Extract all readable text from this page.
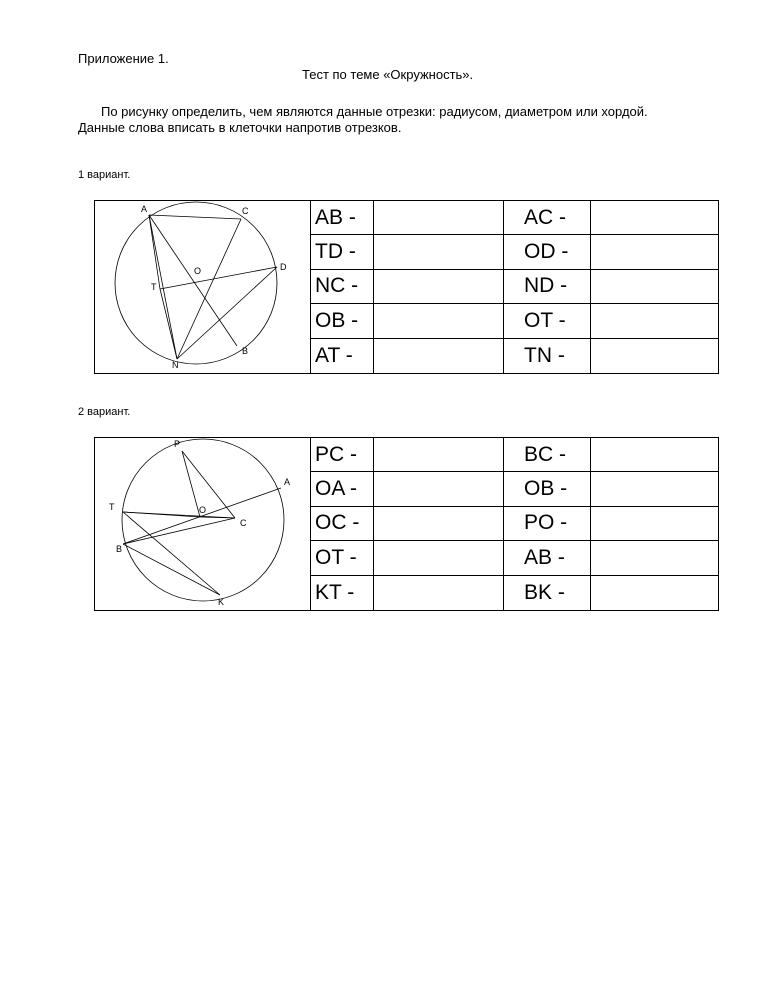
Приложение 1.
Тест по теме «Окружность».
По рисунку определить, чем являются данные отрезки: радиусом, диаметром или хордой.
Данные слова вписать в клеточки напротив отрезков.
1 вариант.
A	C
O	D
T
N
B
AB -	AC -
TD -	OD -
NC -	ND -
OB -	OT -
AT -	TN -
2 вариант.
P
A
T	O
C
B
K
PC -	BC -
OA -	OB -
OC -	PO -
OT -	AB -
KT -	BK -
